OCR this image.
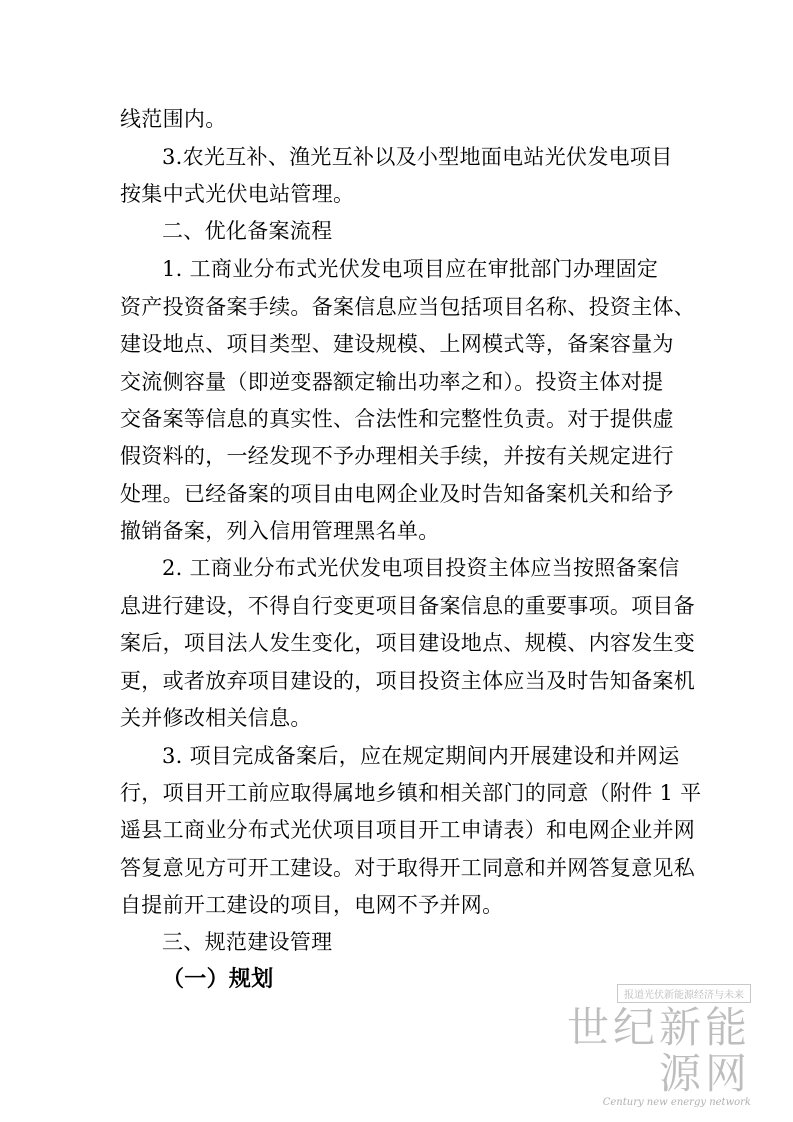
线范围内。
3.农光互补、渔光互补以及小型地面电站光伏发电项目
按集中式光伏电站管理。
二、优化备案流程
1. 工商业分布式光伏发电项目应在审批部门办理固定
资产投资备案手续。备案信息应当包括项目名称、投资主体、
建设地点、项目类型、建设规模、上网模式等，备案容量为
交流侧容量（即逆变器额定输出功率之和）。投资主体对提
交备案等信息的真实性、合法性和完整性负责。对于提供虚
假资料的，一经发现不予办理相关手续，并按有关规定进行
处理。已经备案的项目由电网企业及时告知备案机关和给予
撤销备案，列入信用管理黑名单。
2. 工商业分布式光伏发电项目投资主体应当按照备案信
息进行建设，不得自行变更项目备案信息的重要事项。项目备
案后，项目法人发生变化，项目建设地点、规模、内容发生变
更，或者放弃项目建设的，项目投资主体应当及时告知备案机
关并修改相关信息。
3. 项目完成备案后，应在规定期间内开展建设和并网运
行，项目开工前应取得属地乡镇和相关部门的同意（附件 1 平
遥县工商业分布式光伏项目项目开工申请表）和电网企业并网
答复意见方可开工建设。对于取得开工同意和并网答复意见私
自提前开工建设的项目，电网不予并网。
三、规范建设管理
（一）规划
报道光伏新能源经济与未来
世纪新能源网
Century new energy network
